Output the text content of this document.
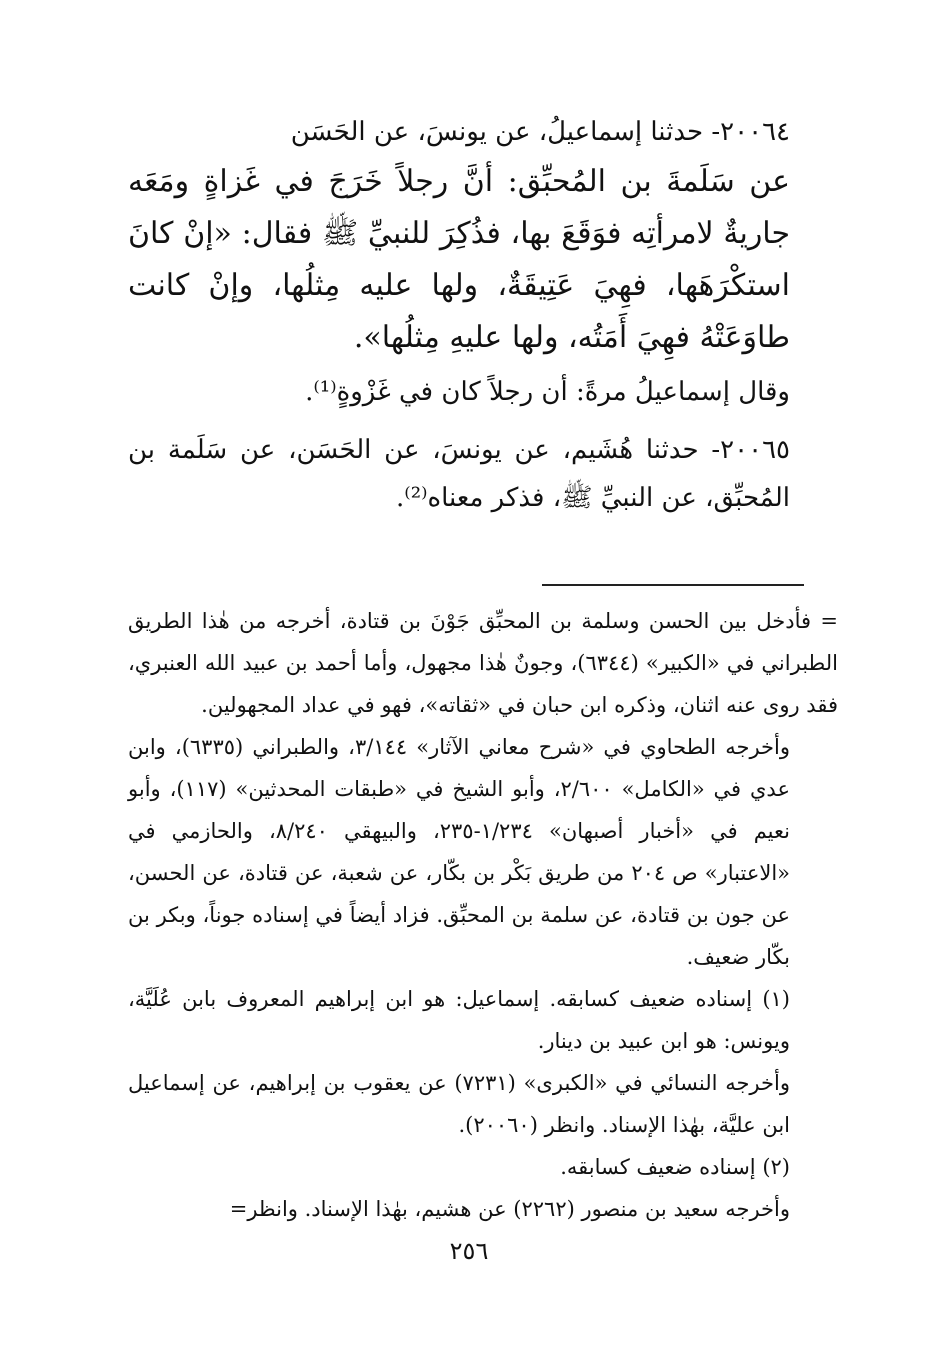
٢٠٠٦٤- حدثنا إسماعيلُ، عن يونسَ، عن الحَسَن

عن سَلَمةَ بن المُحبِّق: أنَّ رجلاً خَرَجَ في غَزاةٍ ومَعَه جاريةٌ لامرأتِه فوَقَعَ بها، فذُكِرَ للنبيِّ ﷺ فقال: «إنْ كانَ استكْرَهَها، فهِيَ عَتِيقَةٌ، ولها عليه مِثلُها، وإنْ كانت طاوَعَتْهُ فهِيَ أَمَتُه، ولها عليهِ مِثلُها».

وقال إسماعيلُ مرةً: أن رجلاً كان في غَزْوةٍ⁽¹⁾.

٢٠٠٦٥- حدثنا هُشَيم، عن يونسَ، عن الحَسَن، عن سَلَمة بن المُحبِّق، عن النبيِّ ﷺ، فذكر معناه⁽²⁾.

= فأدخل بين الحسن وسلمة بن المحبِّق جَوْنَ بن قتادة، أخرجه من هٰذا الطريق الطبراني في «الكبير» (٦٣٤٤)، وجونٌ هٰذا مجهول، وأما أحمد بن عبيد الله العنبري، فقد روى عنه اثنان، وذكره ابن حبان في «ثقاته»، فهو في عداد المجهولين.

وأخرجه الطحاوي في «شرح معاني الآثار» ٣/١٤٤، والطبراني (٦٣٣٥)، وابن عدي في «الكامل» ٢/٦٠٠، وأبو الشيخ في «طبقات المحدثين» (١١٧)، وأبو نعيم في «أخبار أصبهان» ١/٢٣٤-٢٣٥، والبيهقي ٨/٢٤٠، والحازمي في «الاعتبار» ص ٢٠٤ من طريق بَكْر بن بكّار، عن شعبة، عن قتادة، عن الحسن، عن جون بن قتادة، عن سلمة بن المحبِّق. فزاد أيضاً في إسناده جوناً، وبكر بن بكّار ضعيف.

(١) إسناده ضعيف كسابقه. إسماعيل: هو ابن إبراهيم المعروف بابن عُلَيَّة، ويونس: هو ابن عبيد بن دينار.

وأخرجه النسائي في «الكبرى» (٧٢٣١) عن يعقوب بن إبراهيم، عن إسماعيل ابن عليَّة، بهٰذا الإسناد. وانظر (٢٠٠٦٠).

(٢) إسناده ضعيف كسابقه.

وأخرجه سعيد بن منصور (٢٢٦٢) عن هشيم، بهٰذا الإسناد. وانظر=

٢٥٦
